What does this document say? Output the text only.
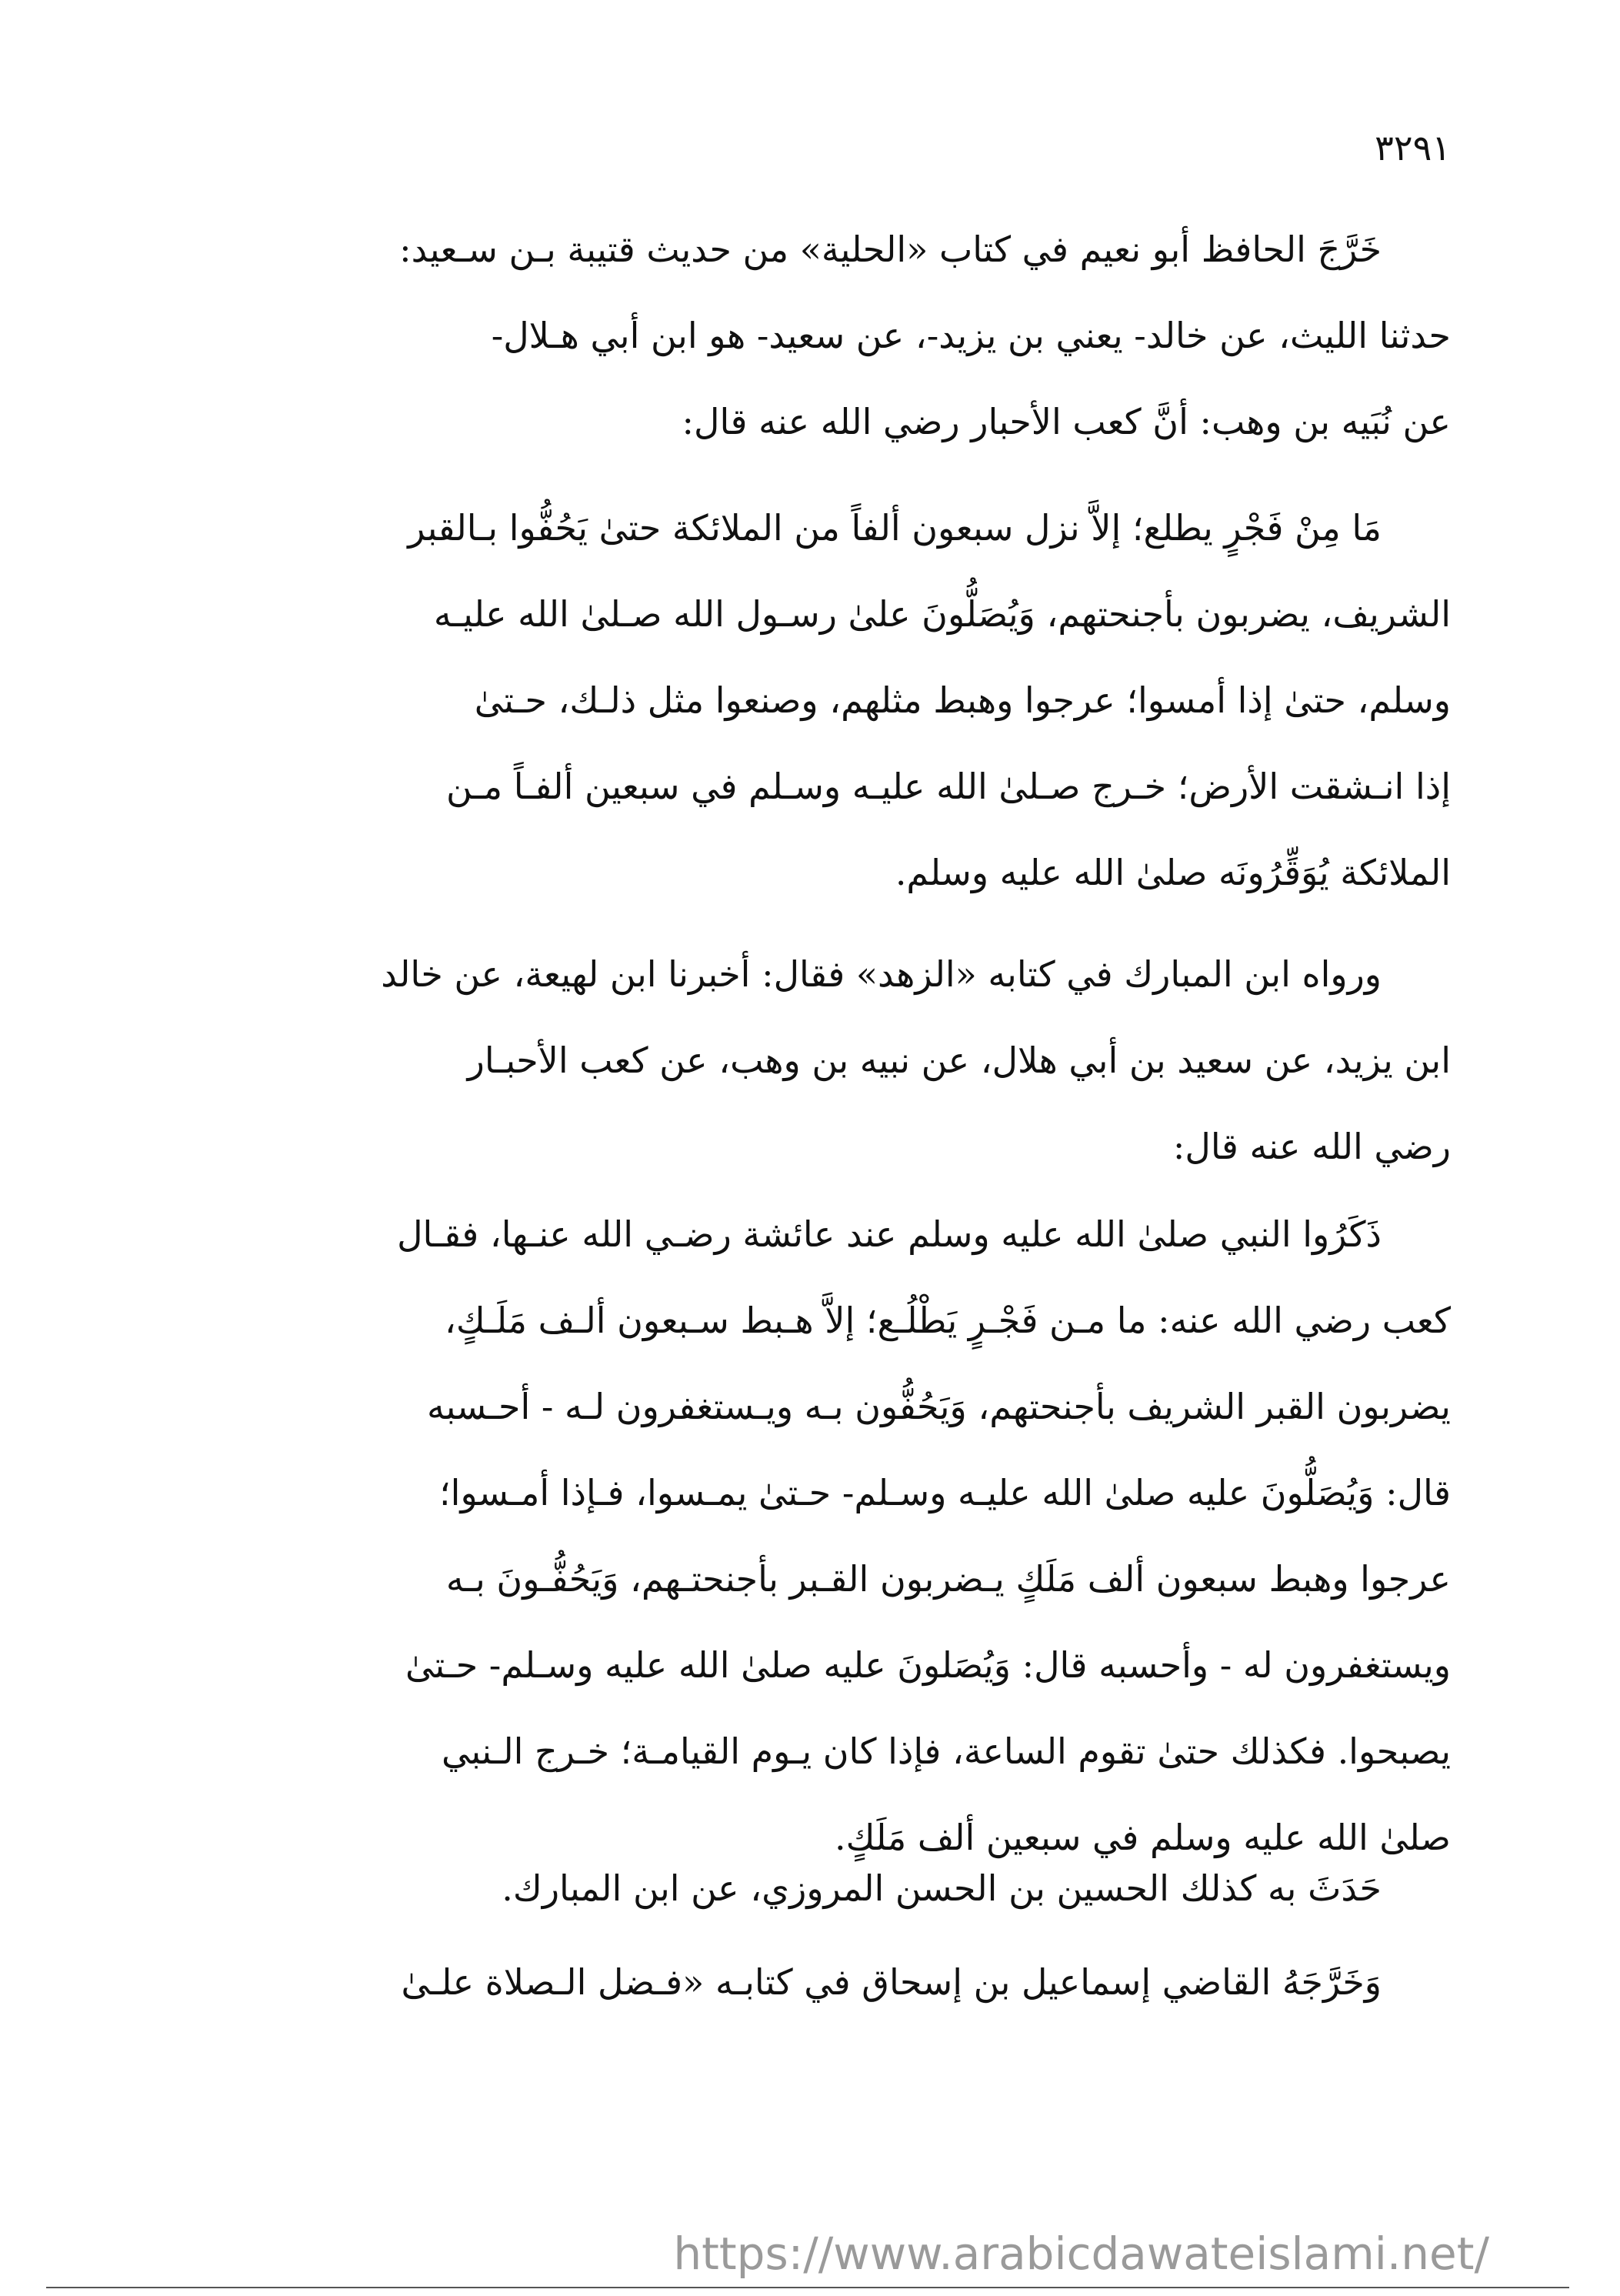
٣٢٩١
خَرَّجَ الحافظ أبو نعيم في كتاب «الحلية» من حديث قتيبة بـن سـعيد:
حدثنا الليث، عن خالد- يعني بن يزيد-، عن سعيد- هو ابن أبي هـلال-
عن نُبَيه بن وهب: أنَّ كعب الأحبار رضي الله عنه قال:
مَا مِنْ فَجْرٍ يطلع؛ إلاَّ نزل سبعون ألفاً من الملائكة حتىٰ يَحُفُّوا بـالقبر
الشريف، يضربون بأجنحتهم، وَيُصَلُّونَ علىٰ رسـول الله صـلىٰ الله عليـه
وسلم، حتىٰ إذا أمسوا؛ عرجوا وهبط مثلهم، وصنعوا مثل ذلـك، حـتىٰ
إذا انـشقت الأرض؛ خـرج صـلىٰ الله عليـه وسـلم في سبعين ألفـاً مـن
الملائكة يُوَقِّرُونَه صلىٰ الله عليه وسلم.
ورواه ابن المبارك في كتابه «الزهد» فقال: أخبرنا ابن لهيعة، عن خالد
ابن يزيد، عن سعيد بن أبي هلال، عن نبيه بن وهب، عن كعب الأحبـار
رضي الله عنه قال:
ذَكَرُوا النبي صلىٰ الله عليه وسلم عند عائشة رضـي الله عنـها، فقـال
كعب رضي الله عنه: ما مـن فَجْـرٍ يَطْلُـع؛ إلاَّ هـبط سـبعون ألـف مَلَـكٍ،
يضربون القبر الشريف بأجنحتهم، وَيَحُفُّون بـه ويـستغفرون لـه - أحـسبه
قال: وَيُصَلُّونَ عليه صلىٰ الله عليـه وسـلم- حـتىٰ يمـسوا، فـإذا أمـسوا؛
عرجوا وهبط سبعون ألف مَلَكٍ يـضربون القـبر بأجنحتـهم، وَيَحُفُّـونَ بـه
ويستغفرون له - وأحسبه قال: وَيُصَلونَ عليه صلىٰ الله عليه وسـلم- حـتىٰ
يصبحوا. فكذلك حتىٰ تقوم الساعة، فإذا كان يـوم القيامـة؛ خـرج الـنبي
صلىٰ الله عليه وسلم في سبعين ألف مَلَكٍ.
حَدَثَ به كذلك الحسين بن الحسن المروزي، عن ابن المبارك.
وَخَرَّجَهُ القاضي إسماعيل بن إسحاق في كتابـه «فـضل الـصلاة علـىٰ
https://www.arabicdawateislami.net/
